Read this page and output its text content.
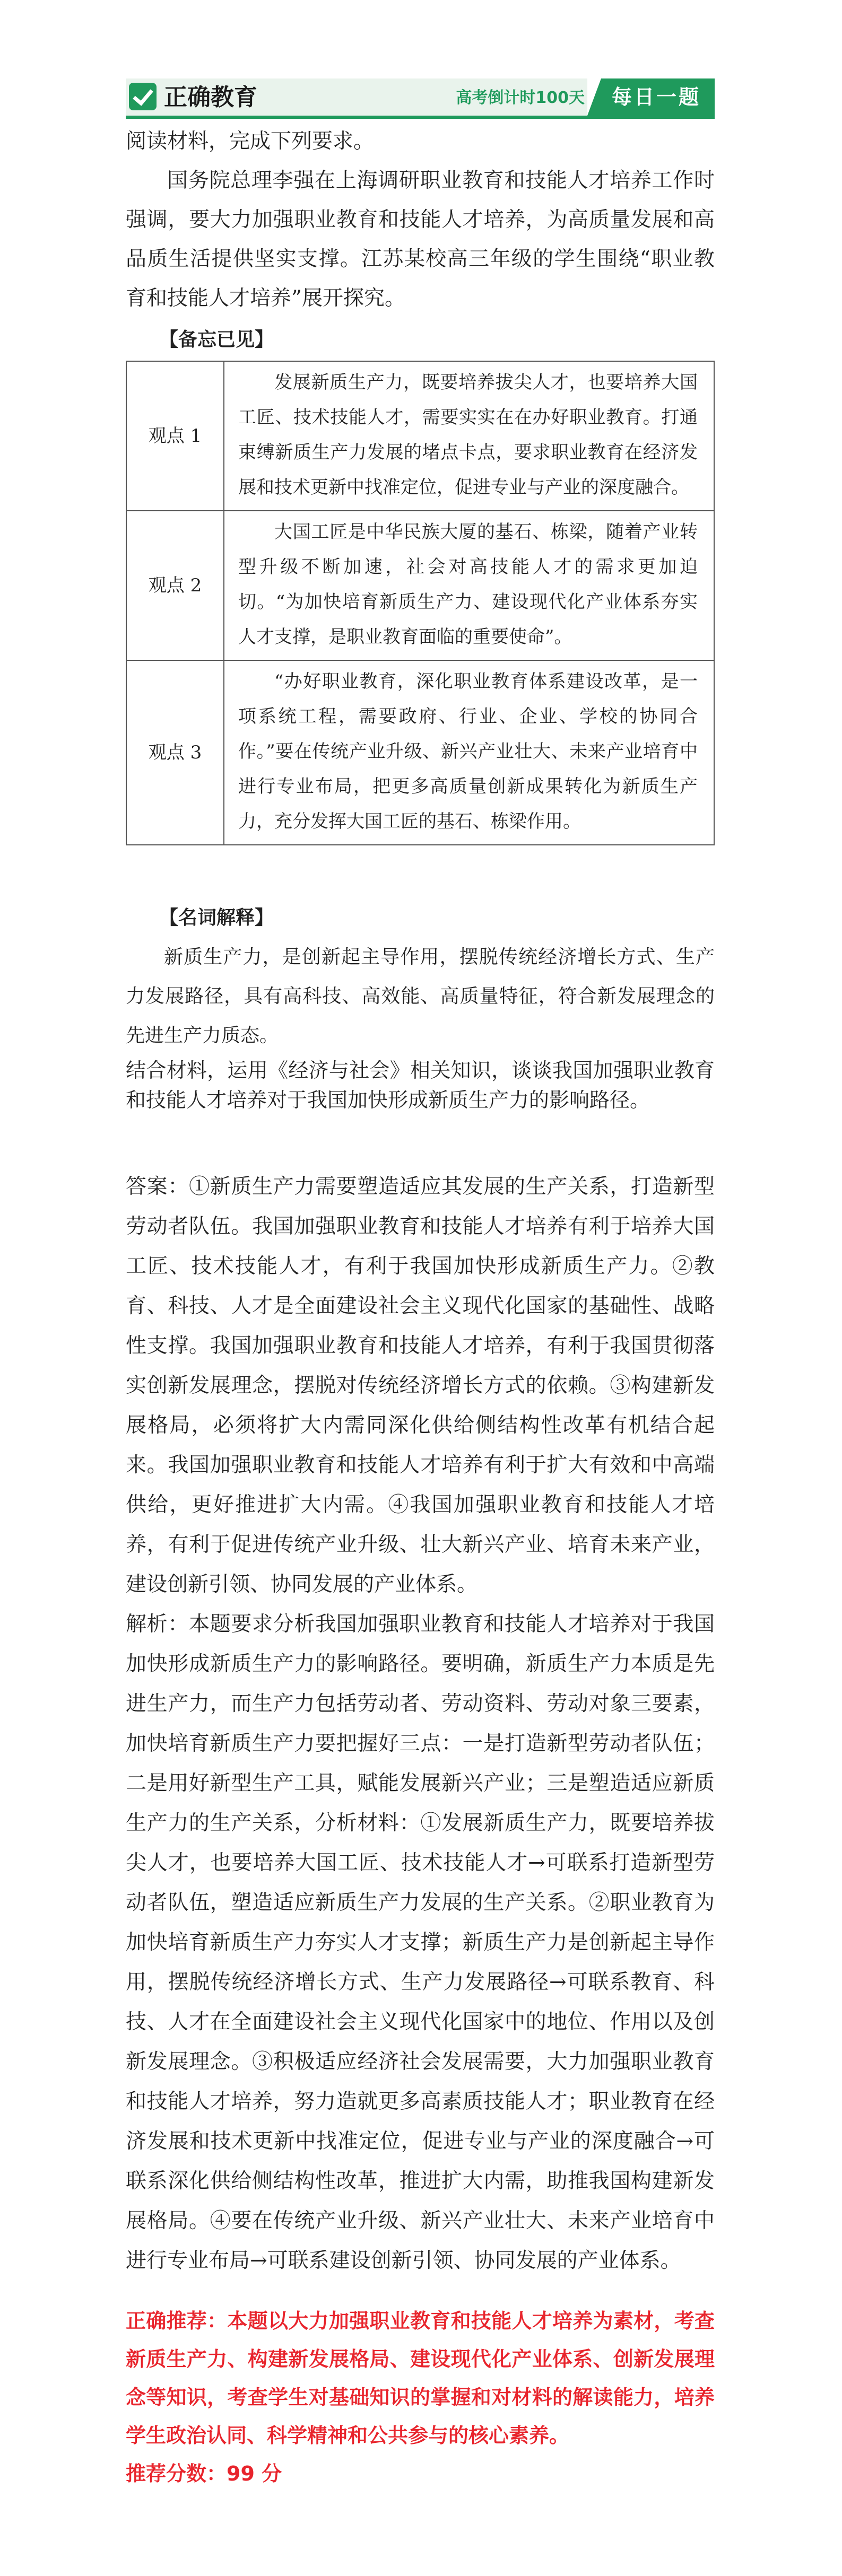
正确教育	高考倒计时100天	每日一题

阅读材料，完成下列要求。

国务院总理李强在上海调研职业教育和技能人才培养工作时强调，要大力加强职业教育和技能人才培养，为高质量发展和高品质生活提供坚实支撑。江苏某校高三年级的学生围绕“职业教育和技能人才培养”展开探究。

【备忘已见】
观点 1	发展新质生产力，既要培养拔尖人才，也要培养大国工匠、技术技能人才，需要实实在在办好职业教育。打通束缚新质生产力发展的堵点卡点，要求职业教育在经济发展和技术更新中找准定位，促进专业与产业的深度融合。
观点 2	大国工匠是中华民族大厦的基石、栋梁，随着产业转型升级不断加速，社会对高技能人才的需求更加迫切。“为加快培育新质生产力、建设现代化产业体系夯实人才支撑，是职业教育面临的重要使命”。
观点 3	“办好职业教育，深化职业教育体系建设改革，是一项系统工程，需要政府、行业、企业、学校的协同合作。”要在传统产业升级、新兴产业壮大、未来产业培育中进行专业布局，把更多高质量创新成果转化为新质生产力，充分发挥大国工匠的基石、栋梁作用。
【名词解释】

新质生产力，是创新起主导作用，摆脱传统经济增长方式、生产力发展路径，具有高科技、高效能、高质量特征，符合新发展理念的先进生产力质态。

结合材料，运用《经济与社会》相关知识，谈谈我国加强职业教育和技能人才培养对于我国加快形成新质生产力的影响路径。

答案：①新质生产力需要塑造适应其发展的生产关系，打造新型劳动者队伍。我国加强职业教育和技能人才培养有利于培养大国工匠、技术技能人才，有利于我国加快形成新质生产力。②教育、科技、人才是全面建设社会主义现代化国家的基础性、战略性支撑。我国加强职业教育和技能人才培养，有利于我国贯彻落实创新发展理念，摆脱对传统经济增长方式的依赖。③构建新发展格局，必须将扩大内需同深化供给侧结构性改革有机结合起来。我国加强职业教育和技能人才培养有利于扩大有效和中高端供给，更好推进扩大内需。④我国加强职业教育和技能人才培养，有利于促进传统产业升级、壮大新兴产业、培育未来产业，建设创新引领、协同发展的产业体系。

解析：本题要求分析我国加强职业教育和技能人才培养对于我国加快形成新质生产力的影响路径。要明确，新质生产力本质是先进生产力，而生产力包括劳动者、劳动资料、劳动对象三要素，加快培育新质生产力要把握好三点：一是打造新型劳动者队伍；二是用好新型生产工具，赋能发展新兴产业；三是塑造适应新质生产力的生产关系，分析材料：①发展新质生产力，既要培养拔尖人才，也要培养大国工匠、技术技能人才→可联系打造新型劳动者队伍，塑造适应新质生产力发展的生产关系。②职业教育为加快培育新质生产力夯实人才支撑；新质生产力是创新起主导作用，摆脱传统经济增长方式、生产力发展路径→可联系教育、科技、人才在全面建设社会主义现代化国家中的地位、作用以及创新发展理念。③积极适应经济社会发展需要，大力加强职业教育和技能人才培养，努力造就更多高素质技能人才；职业教育在经济发展和技术更新中找准定位，促进专业与产业的深度融合→可联系深化供给侧结构性改革，推进扩大内需，助推我国构建新发展格局。④要在传统产业升级、新兴产业壮大、未来产业培育中进行专业布局→可联系建设创新引领、协同发展的产业体系。

正确推荐：本题以大力加强职业教育和技能人才培养为素材，考查新质生产力、构建新发展格局、建设现代化产业体系、创新发展理念等知识，考查学生对基础知识的掌握和对材料的解读能力，培养学生政治认同、科学精神和公共参与的核心素养。

推荐分数：99 分
